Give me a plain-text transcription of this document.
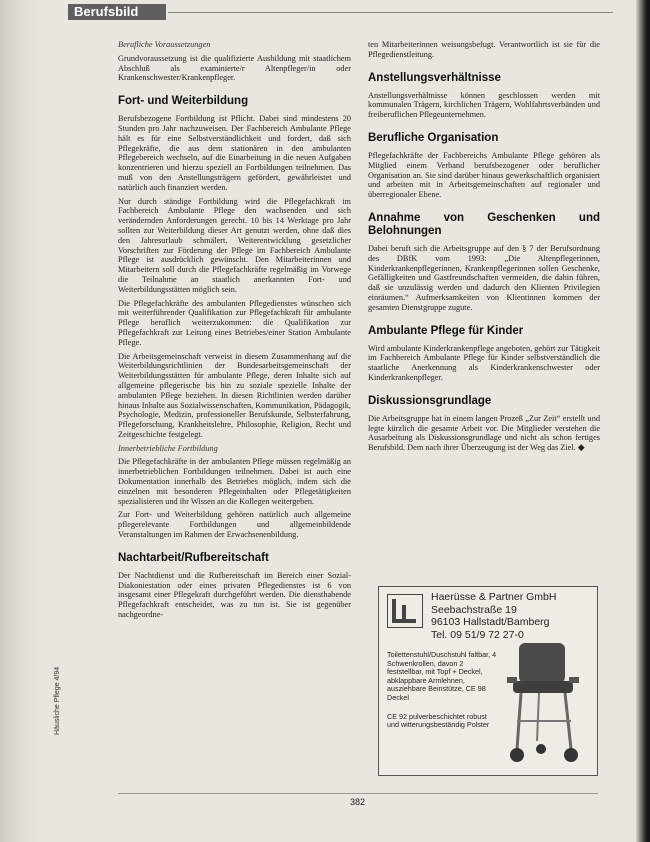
Berufsbild
Häusliche Pflege 4/94

Berufliche Voraussetzungen

Grundvoraussetzung ist die qualifizierte Ausbildung mit staatlichem Abschluß als examinierte/r Altenpfleger/in oder Krankenschwester/Krankenpfleger.

Fort- und Weiterbildung

Berufsbezogene Fortbildung ist Pflicht. Dabei sind mindestens 20 Stunden pro Jahr nachzuweisen. Der Fachbereich Ambulante Pflege hält es für eine Selbstverständlichkeit und fordert, daß sich Pflegekräfte, die aus dem stationären in den ambulanten Pflegebereich wechseln, auf die Einarbeitung in die neuen Aufgaben konzentrieren und hierzu speziell an Fortbildungen teilnehmen. Das muß von den Anstellungsträgern gefördert, gewährleistet und natürlich auch finanziert werden.

Nur durch ständige Fortbildung wird die Pflegefachkraft im Fachbereich Ambulante Pflege den wachsenden und sich verändernden Anforderungen gerecht. 10 bis 14 Werktage pro Jahr sollten zur Weiterbildung dieser Art genutzt werden, ohne daß dies den Jahresurlaub schmälert. Weiterentwicklung gesetzlicher Vorschriften zur Förderung der Pflege im Fachbereich Ambulante Pflege ist ausdrücklich gewünscht. Den Mitarbeiterinnen und Mitarbeitern soll durch die Pflegefachkräfte regelmäßig im Vorwege die Teilnahme an staatlich anerkannten Fort- und Weiterbildungsstätten möglich sein.

Die Pflegefachkräfte des ambulanten Pflegedienstes wünschen sich mit weiterführender Qualifikation zur Pflegefachkraft für ambulante Pflege beruflich weiterzukommen: die Qualifikation zur Pflegefachkraft zur Leitung eines Betriebes/einer Station Ambulante Pflege.

Die Arbeitsgemeinschaft verweist in diesem Zusammenhang auf die Weiterbildungsrichtlinien der Bundesarbeitsgemeinschaft der Weiterbildungsstätten für ambulante Pflege, deren Inhalte sich auf allgemeine pflegerische bis hin zu soziale spezielle Inhalte der ambulanten Pflege beziehen. In diesen Richtlinien werden darüber hinaus Inhalte aus Sozialwissenschaften, Kommunikation, Pädagogik, Psychologie, Medizin, professioneller Berufskunde, Selbsterfahrung, Pflegeforschung, Krankheitslehre, Philosophie, Religion, Recht und Zeitgeschichte festgelegt.

Innerbetriebliche Fortbildung

Die Pflegefachkräfte in der ambulanten Pflege müssen regelmäßig an innerbetrieblichen Fortbildungen teilnehmen. Dabei ist auch eine Dokumentation innerhalb des Betriebes möglich, indem sich die einzelnen mit besonderen Pflegeinhalten oder Pflegetätigkeiten spezialisieren und ihr Wissen an die Kollegen weitergeben.

Zur Fort- und Weiterbildung gehören natürlich auch allgemeine pflegerelevante Fortbildungen und allgemeinbildende Veranstaltungen im Rahmen der Erwachsenenbildung.

Nachtarbeit/Rufbereitschaft

Der Nachtdienst und die Rufbereitschaft im Bereich einer Sozial-Diakoniestation oder eines privaten Pflegedienstes ist 6 von insgesamt einer Pflegekraft durchgeführt werden. Die diensthabende Pflegefachkraft entscheidet, was zu tun ist. Sie ist gegenüber nachgeordne-

ten Mitarbeiterinnen weisungsbefugt. Verantwortlich ist sie für die Pflegedienstleitung.

Anstellungsverhältnisse

Anstellungsverhältnisse können geschlossen werden mit kommunalen Trägern, kirchlichen Trägern, Wohlfahrtsverbänden und freiberuflichen Pflegeunternehmen.

Berufliche Organisation

Pflegefachkräfte der Fachbereichs Ambulante Pflege gehören als Mitglied einem Verband berufsbezogener oder beruflicher Organisation an. Sie sind darüber hinaus gewerkschaftlich organisiert und arbeiten mit in Arbeitsgemeinschaften auf regionaler und überregionaler Ebene.

Annahme von Geschenken und Belohnungen

Dabei beruft sich die Arbeitsgruppe auf den § 7 der Berufsordnung des DBfK vom 1993: „Die Altenpflegerinnen, Kinderkrankenpflegerinnen, Krankenpflegerinnen sollen Geschenke, Gefälligkeiten und Gastfreundschaften vermeiden, die dahin führen, daß sie unzulässig werden und dadurch den Klienten Privilegien einräumen.“ Aufmerksamkeiten von Klientinnen kommen der gesamten Dienstgruppe zugute.

Ambulante Pflege für Kinder

Wird ambulante Kinderkrankenpflege angeboten, gehört zur Tätigkeit im Fachbereich Ambulante Pflege für Kinder selbstverständlich die staatliche Anerkennung als Kinderkrankenschwester oder Kinderkrankenpfleger.

Diskussionsgrundlage

Die Arbeitsgruppe hat in einem langen Prozeß „Zur Zeit“ erstellt und legte kürzlich die gesamte Arbeit vor. Die Mitglieder verstehen die Ausarbeitung als Diskussionsgrundlage und nicht als schon fertiges Berufsbild. Dem nach ihrer Überzeugung ist der Weg das Ziel. ◆

Haerüsse & Partner GmbH
Seebachstraße 19
96103 Hallstadt/Bamberg
Tel. 09 51/9 72 27-0

Toilettenstuhl/Duschstuhl faltbar, 4 Schwenkrollen, davon 2 feststellbar, mit Topf + Deckel, abklappbare Armlehnen, ausziehbare Beinstütze, CE 98 Deckel

CE 92 pulverbeschichtet robust und witterungsbeständig Polster

382
